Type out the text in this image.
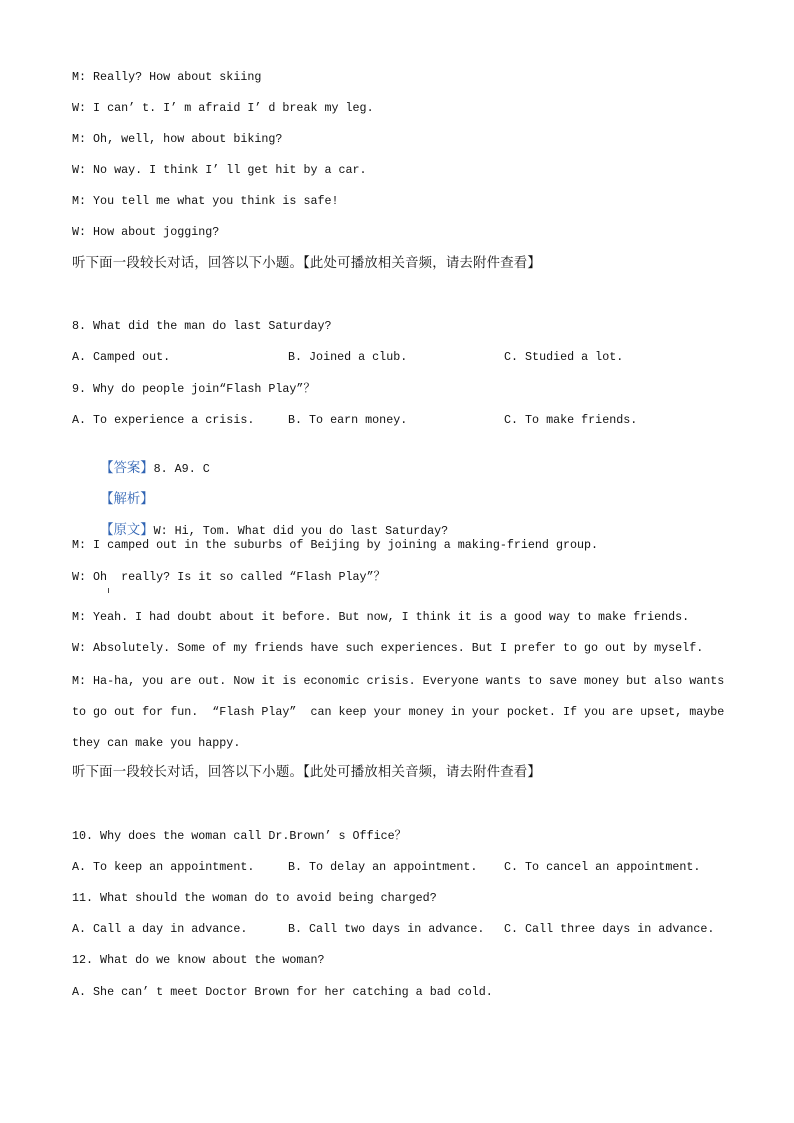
M: Really? How about skiing
W: I can’ t. I’ m afraid I’ d break my leg.
M: Oh, well, how about biking?
W: No way. I think I’ ll get hit by a car.
M: You tell me what you think is safe!
W: How about jogging?
听下面一段较长对话，回答以下小题。【此处可播放相关音频，请去附件查看】
8. What did the man do last Saturday?

A. Camped out.

	B. Joined a club.

	C. Studied a lot.

9. Why do people join“Flash Play”？

A. To experience a crisis.

	B. To earn money.

	C. To make friends.

【答案】8. A9. C

【解析】

【原文】W: Hi, Tom. What did you do last Saturday?

M: I camped out in the suburbs of Beijing by joining a making-friend group.
W: Oh  really? Is it so called “Flash Play”？
M: Yeah. I had doubt about it before. But now, I think it is a good way to make friends.
W: Absolutely. Some of my friends have such experiences. But I prefer to go out by myself.
M: Ha-ha, you are out. Now it is economic crisis. Everyone wants to save money but also wants
to go out for fun.  “Flash Play”  can keep your money in your pocket. If you are upset, maybe
they can make you happy.
听下面一段较长对话，回答以下小题。【此处可播放相关音频，请去附件查看】
10. Why does the woman call Dr.Brown’ s Office？

A. To keep an appointment.

	B. To delay an appointment.

C. To cancel an appointment.

11. What should the woman do to avoid being charged?

A. Call a day in advance.

	B. Call two days in advance.

C. Call three days in advance.

12. What do we know about the woman?
A. She can’ t meet Doctor Brown for her catching a bad cold.
